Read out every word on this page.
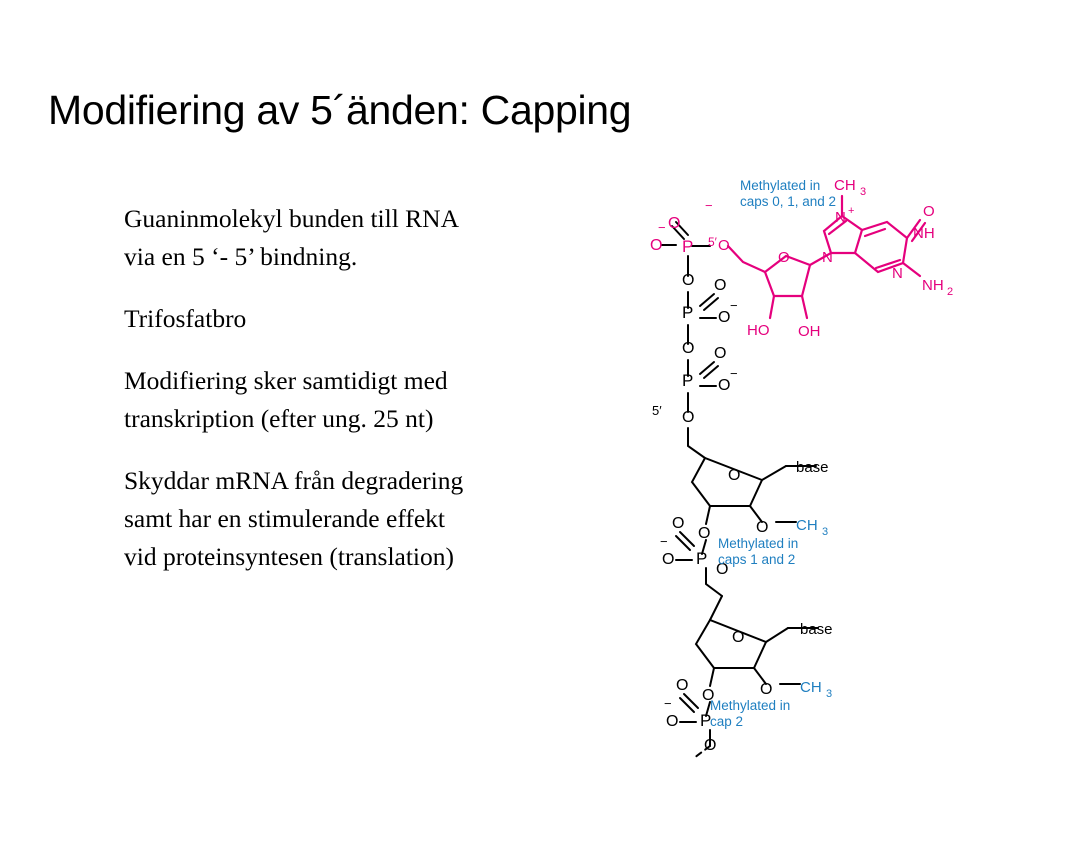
Modifiering av 5´änden: Capping

Guaninmolekyl bunden till RNA via en 5 ‘- 5’ bindning.

Trifosfatbro

Modifiering sker samtidigt med transkription (efter ung. 25 nt)

Skyddar mRNA från degradering samt har en stimulerande effekt vid proteinsyntesen (translation)

CH 3
N +
N
O
NH
NH 2
N
O
HO OH
O
O
P
O
P
O
O
O
−
O
O
−
P
O
O
−
−
5′
5′
O	base
O
O
P
O
O
−
O
CH 3
O	base
O
O
P
O
O
−
O
CH 3
Methylated in
caps 0, 1, and 2
Methylated in
caps 1 and 2
Methylated in
cap 2
